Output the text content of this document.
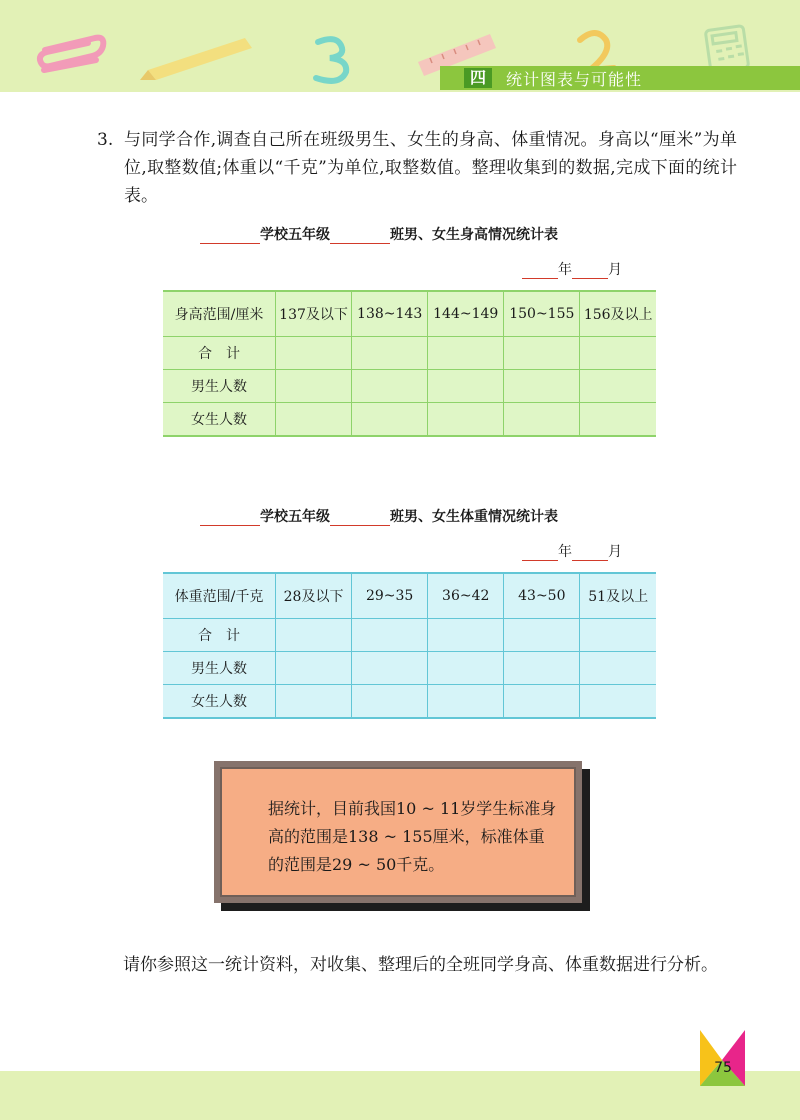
四	统计图表与可能性
3. 与同学合作,调查自己所在班级男生、女生的身高、体重情况。身高以“厘米”为单位,取整数值;体重以“千克”为单位,取整数值。整理收集到的数据,完成下面的统计表。
学校五年级	班男、女生身高情况统计表
年	月
身高范围/厘米	137及以下	138~143	144~149	150~155	156及以上
合　计					
男生人数					
女生人数					
学校五年级	班男、女生体重情况统计表
年	月
体重范围/千克	28及以下	29~35	36~42	43~50	51及以上
合　计					
男生人数					
女生人数					
据统计，目前我国10 ~ 11岁学生标准身高的范围是138 ~ 155厘米，标准体重的范围是29 ~ 50千克。
请你参照这一统计资料，对收集、整理后的全班同学身高、体重数据进行分析。
75
